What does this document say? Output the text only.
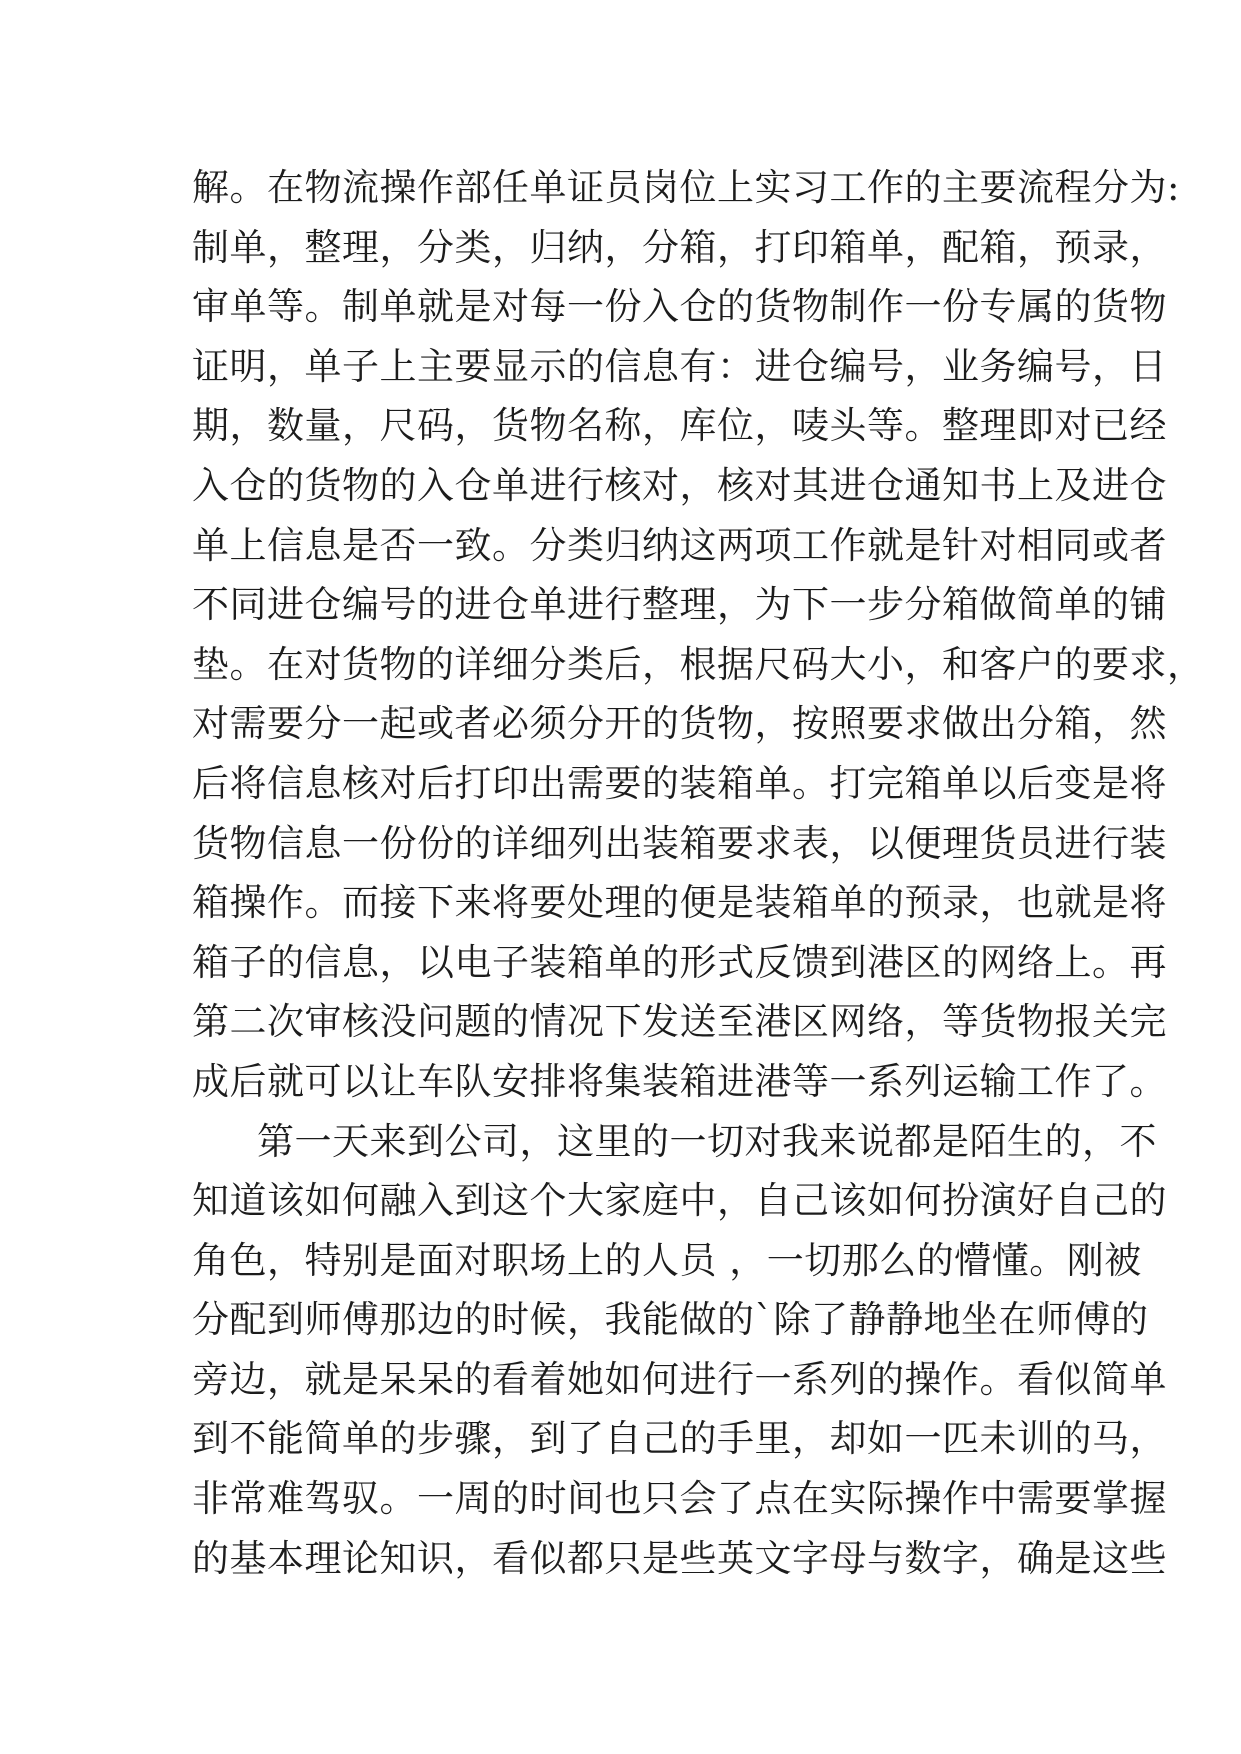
解。在物流操作部任单证员岗位上实习工作的主要流程分为:
制单，整理，分类，归纳，分箱，打印箱单，配箱，预录，
审单等。制单就是对每一份入仓的货物制作一份专属的货物
证明，单子上主要显示的信息有：进仓编号，业务编号，日
期，数量，尺码，货物名称，库位，唛头等。整理即对已经
入仓的货物的入仓单进行核对，核对其进仓通知书上及进仓
单上信息是否一致。分类归纳这两项工作就是针对相同或者
不同进仓编号的进仓单进行整理，为下一步分箱做简单的铺
垫。在对货物的详细分类后，根据尺码大小，和客户的要求，
对需要分一起或者必须分开的货物，按照要求做出分箱，然
后将信息核对后打印出需要的装箱单。打完箱单以后变是将
货物信息一份份的详细列出装箱要求表，以便理货员进行装
箱操作。而接下来将要处理的便是装箱单的预录，也就是将
箱子的信息，以电子装箱单的形式反馈到港区的网络上。再
第二次审核没问题的情况下发送至港区网络，等货物报关完
成后就可以让车队安排将集装箱进港等一系列运输工作了。
第一天来到公司，这里的一切对我来说都是陌生的，不
知道该如何融入到这个大家庭中，自己该如何扮演好自己的
角色，特别是面对职场上的人员 ，一切那么的懵懂。刚被
分配到师傅那边的时候，我能做的`除了静静地坐在师傅的
旁边，就是呆呆的看着她如何进行一系列的操作。看似简单
到不能简单的步骤，到了自己的手里，却如一匹未训的马，
非常难驾驭。一周的时间也只会了点在实际操作中需要掌握
的基本理论知识，看似都只是些英文字母与数字，确是这些
